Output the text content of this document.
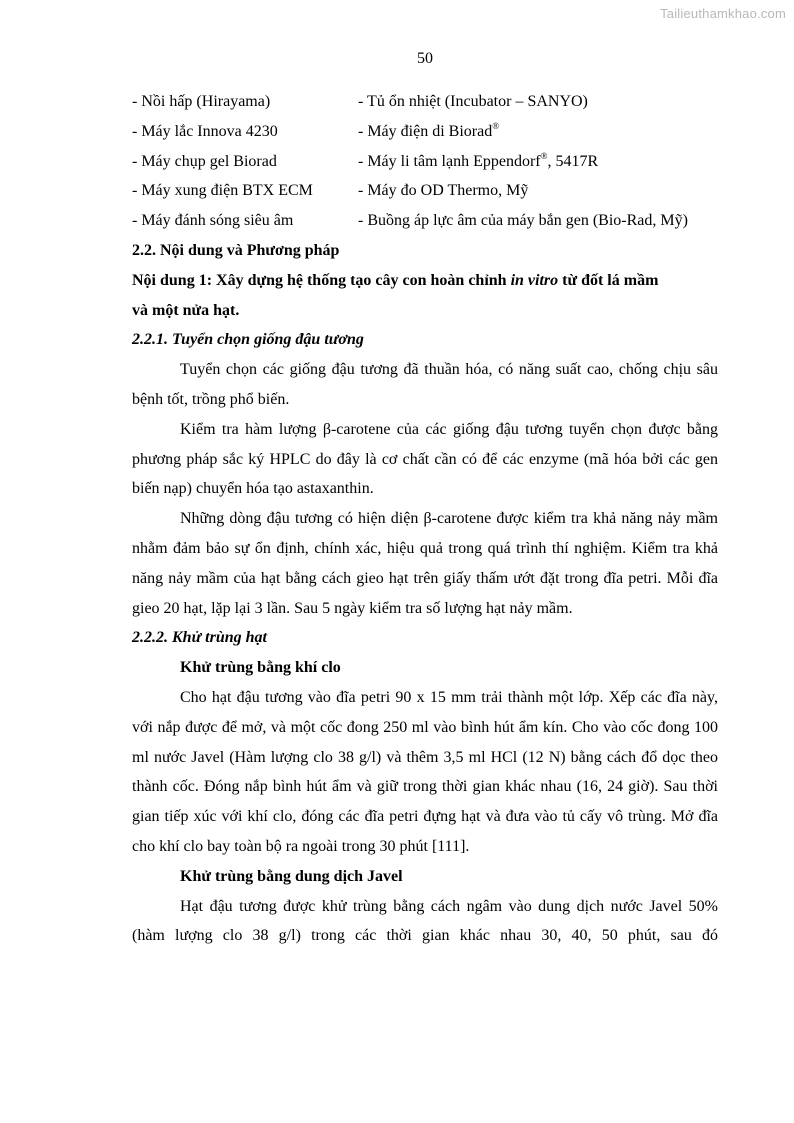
Tailieuthamkhao.com
50
- Nồi hấp (Hirayama)	- Tủ ổn nhiệt (Incubator – SANYO)
- Máy lắc Innova 4230	- Máy điện di Biorad®
- Máy chụp gel Biorad	- Máy li tâm lạnh Eppendorf®, 5417R
- Máy xung điện BTX ECM	- Máy đo OD Thermo, Mỹ
- Máy đánh sóng siêu âm	- Buồng áp lực âm của máy bắn gen (Bio-Rad, Mỹ)
2.2. Nội dung và Phương pháp
Nội dung 1: Xây dựng hệ thống tạo cây con hoàn chỉnh in vitro từ đốt lá mầm
và một nửa hạt.
2.2.1. Tuyển chọn giống đậu tương

Tuyển chọn các giống đậu tương đã thuần hóa, có năng suất cao, chống chịu sâu bệnh tốt, trồng phổ biến.

Kiểm tra hàm lượng β-carotene của các giống đậu tương tuyển chọn được bằng phương pháp sắc ký HPLC do đây là cơ chất cần có để các enzyme (mã hóa bởi các gen biến nạp) chuyển hóa tạo astaxanthin.

Những dòng đậu tương có hiện diện β-carotene được kiểm tra khả năng nảy mầm nhằm đảm bảo sự ổn định, chính xác, hiệu quả trong quá trình thí nghiệm. Kiểm tra khả năng nảy mầm của hạt bằng cách gieo hạt trên giấy thấm ướt đặt trong đĩa petri. Mỗi đĩa gieo 20 hạt, lặp lại 3 lần. Sau 5 ngày kiểm tra số lượng hạt nảy mầm.

2.2.2. Khử trùng hạt
Khử trùng bằng khí clo

Cho hạt đậu tương vào đĩa petri 90 x 15 mm trải thành một lớp. Xếp các đĩa này, với nắp được để mở, và một cốc đong 250 ml vào bình hút ẩm kín. Cho vào cốc đong 100 ml nước Javel (Hàm lượng clo 38 g/l) và thêm 3,5 ml HCl (12 N) bằng cách đổ dọc theo thành cốc. Đóng nắp bình hút ẩm và giữ trong thời gian khác nhau (16, 24 giờ). Sau thời gian tiếp xúc với khí clo, đóng các đĩa petri đựng hạt và đưa vào tủ cấy vô trùng. Mở đĩa cho khí clo bay toàn bộ ra ngoài trong 30 phút [111].

Khử trùng bằng dung dịch Javel

Hạt đậu tương được khử trùng bằng cách ngâm vào dung dịch nước Javel 50% (hàm lượng clo 38 g/l) trong các thời gian khác nhau 30, 40, 50 phút, sau đó
